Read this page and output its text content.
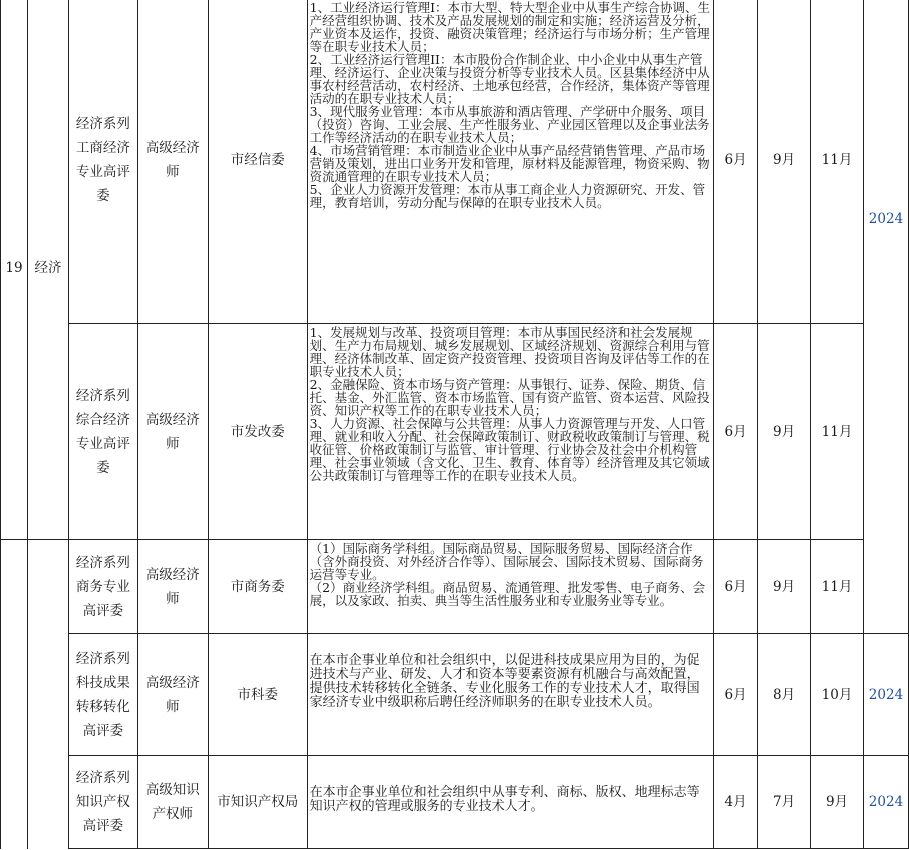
19	经济	经济系列工商经济专业高评委	高级经济师	市经信委	1、工业经济运行管理I：本市大型、特大型企业中从事生产综合协调、生产经营组织协调、技术及产品发展规划的制定和实施；经济运营及分析，产业资本及运作，投资、融资决策管理；经济运行与市场分析；生产管理等在职专业技术人员；
2、工业经济运行管理II：本市股份合作制企业、中小企业中从事生产管理、经济运行、企业决策与投资分析等专业技术人员。区县集体经济中从事农村经营活动，农村经济、土地承包经营，合作经济，集体资产等管理活动的在职专业技术人员；
3、现代服务业管理：本市从事旅游和酒店管理、产学研中介服务、项目（投资）咨询、工业会展、生产性服务业、产业园区管理以及企事业法务工作等经济活动的在职专业技术人员；
4、市场营销管理：本市制造业企业中从事产品经营销售管理、产品市场营销及策划，进出口业务开发和管理，原材料及能源管理，物资采购、物资流通管理的在职专业技术人员；
5、企业人力资源开发管理：本市从事工商企业人力资源研究、开发、管理，教育培训，劳动分配与保障的在职专业技术人员。	6月	9月	11月	2024
		经济系列综合经济专业高评委	高级经济师	市发改委	1、发展规划与改革、投资项目管理：本市从事国民经济和社会发展规划、生产力布局规划、城乡发展规划、区域经济规划、资源综合利用与管理、经济体制改革、固定资产投资管理、投资项目咨询及评估等工作的在职专业技术人员；
2、金融保险、资本市场与资产管理：从事银行、证券、保险、期货、信托、基金、外汇监管、资本市场监管、国有资产监管、资本运营、风险投资、知识产权等工作的在职专业技术人员；
3、人力资源、社会保障与公共管理：从事人力资源管理与开发、人口管理、就业和收入分配、社会保障政策制订、财政税收政策制订与管理、税收征管、价格政策制订与监管、审计管理、行业协会及社会中介机构管理、社会事业领域（含文化、卫生、教育、体育等）经济管理及其它领域公共政策制订与管理等工作的在职专业技术人员。	6月	9月	11月	
		经济系列商务专业高评委	高级经济师	市商务委	（1）国际商务学科组。国际商品贸易、国际服务贸易、国际经济合作（含外商投资、对外经济合作等）、国际展会、国际技术贸易、国际商务运营等专业。
（2）商业经济学科组。商品贸易、流通管理、批发零售、电子商务、会展，以及家政、拍卖、典当等生活性服务业和专业服务业等专业。	6月	9月	11月	
		经济系列科技成果转移转化高评委	高级经济师	市科委	在本市企事业单位和社会组织中，以促进科技成果应用为目的，为促进技术与产业、研发、人才和资本等要素资源有机融合与高效配置，提供技术转移转化全链条、专业化服务工作的专业技术人才，取得国家经济专业中级职称后聘任经济师职务的在职专业技术人员。	6月	8月	10月	2024
		经济系列知识产权高评委	高级知识产权师	市知识产权局	在本市企事业单位和社会组织中从事专利、商标、版权、地理标志等知识产权的管理或服务的专业技术人才。	4月	7月	9月	2024
